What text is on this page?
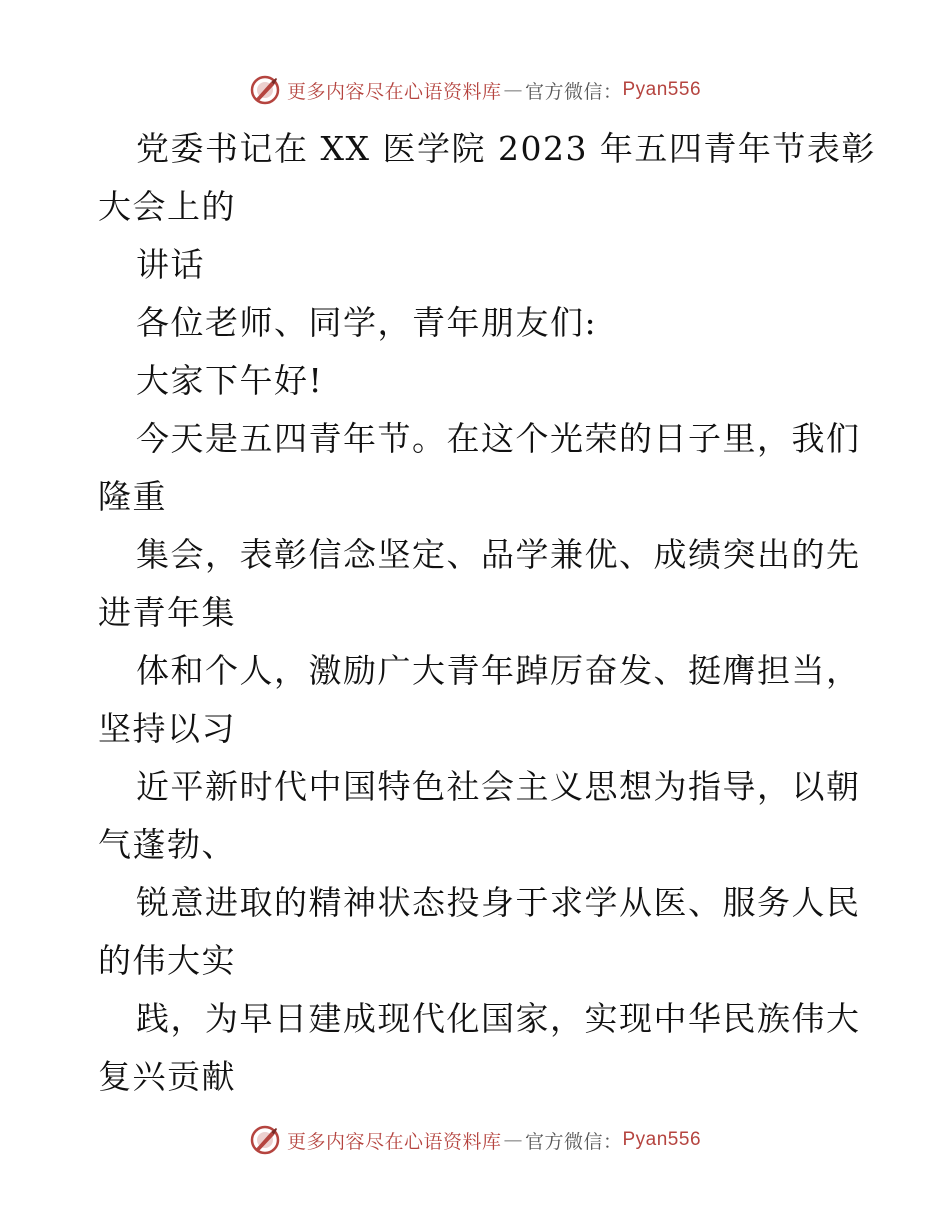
更多内容尽在心语资料库 — 官方微信： Pyan556
党委书记在 XX 医学院 2023 年五四青年节表彰
大会上的
讲话
各位老师、同学，青年朋友们:
大家下午好!
今天是五四青年节。在这个光荣的日子里，我们
隆重
集会，表彰信念坚定、品学兼优、成绩突出的先
进青年集
体和个人，激励广大青年踔厉奋发、挺膺担当，
坚持以习
近平新时代中国特色社会主义思想为指导，以朝
气蓬勃、
锐意进取的精神状态投身于求学从医、服务人民
的伟大实
践，为早日建成现代化国家，实现中华民族伟大
复兴贡献
更多内容尽在心语资料库 — 官方微信： Pyan556
